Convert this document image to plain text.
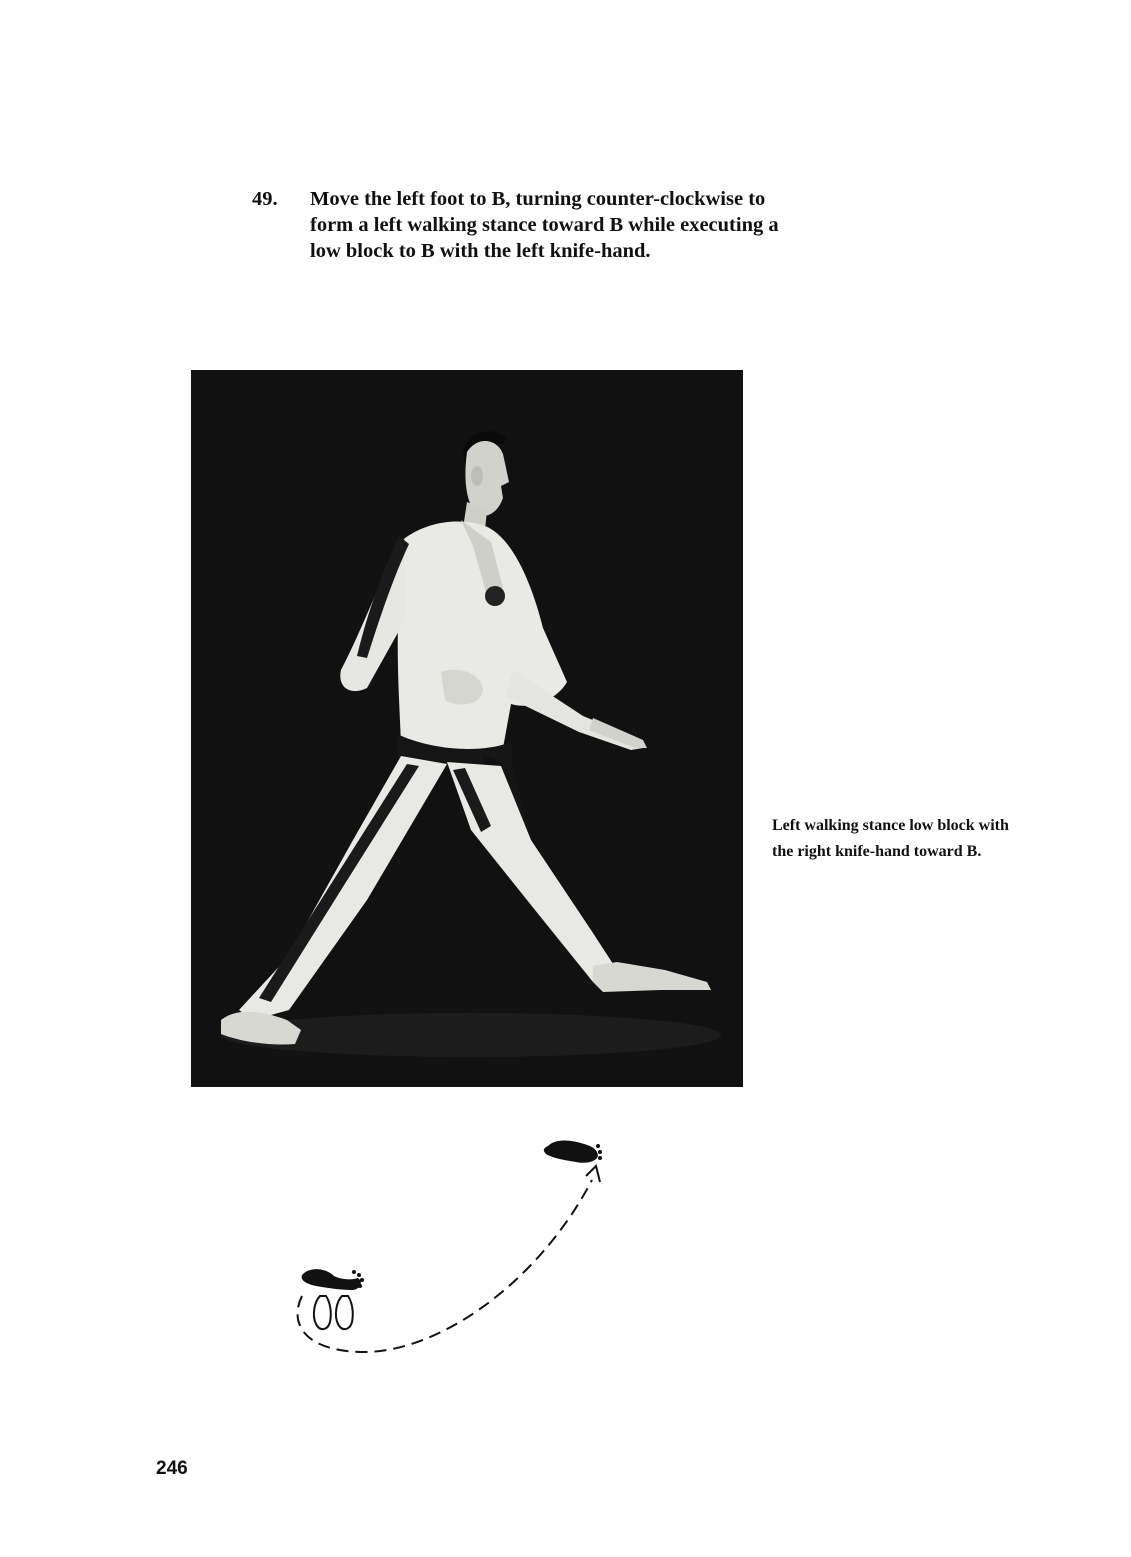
49.	Move the left foot to B, turning counter-clockwise to
form a left walking stance toward B while executing a
low block to B with the left knife-hand.
Left walking stance low block with
the right knife-hand toward B.
246
